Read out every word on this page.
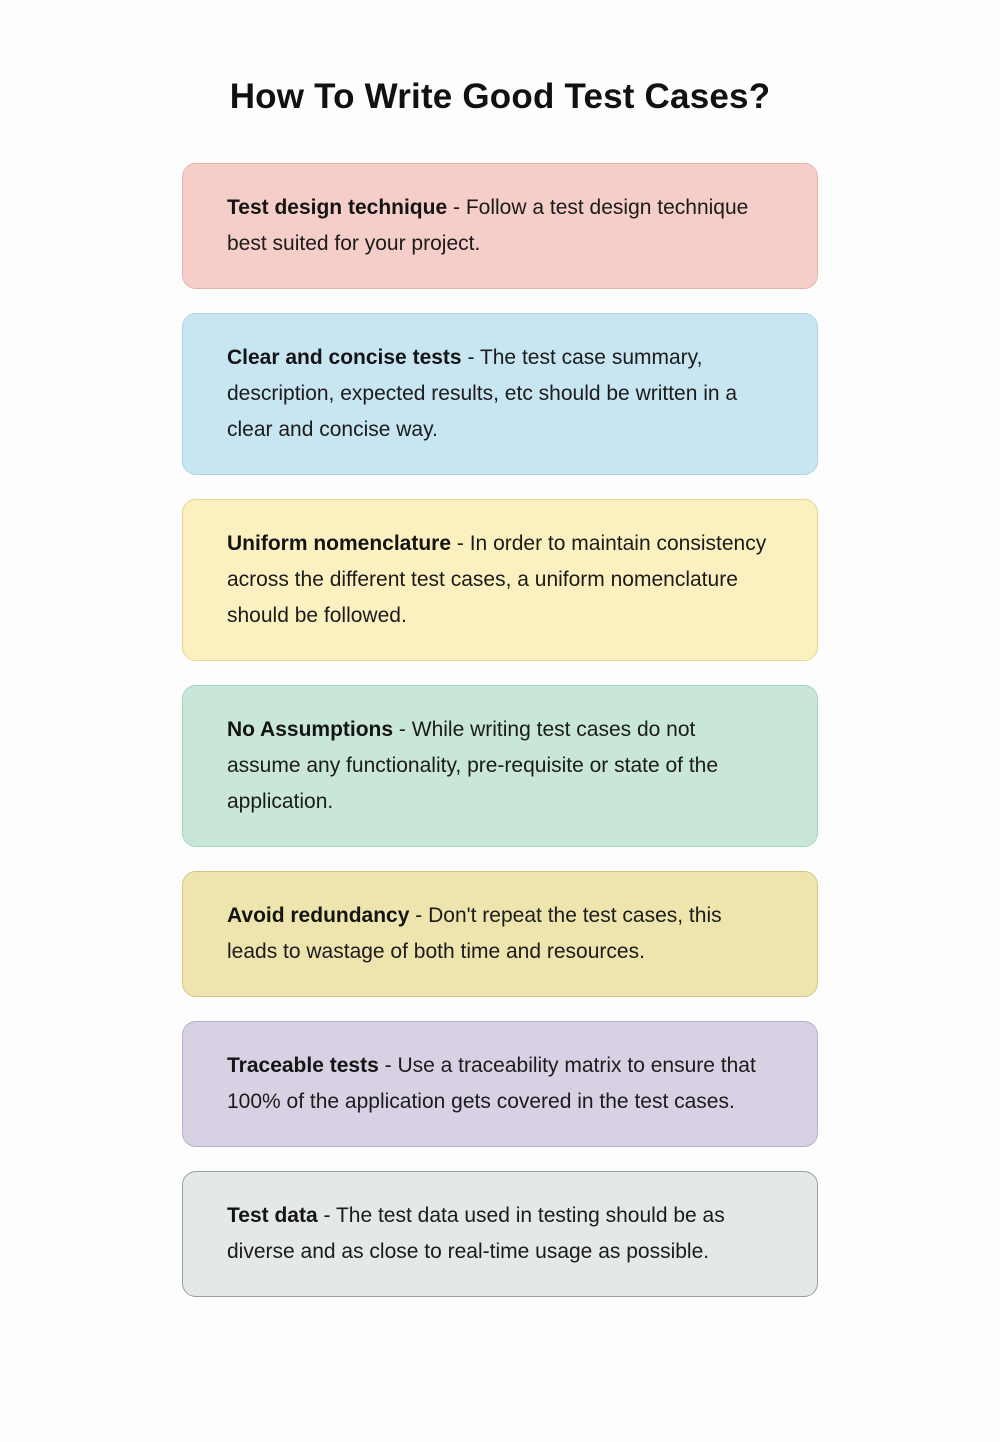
How To Write Good Test Cases?

Test design technique - Follow a test design technique best suited for your project.

Clear and concise tests - The test case summary, description, expected results, etc should be written in a clear and concise way.

Uniform nomenclature - In order to maintain consistency across the different test cases, a uniform nomenclature should be followed.

No Assumptions - While writing test cases do not assume any functionality, pre-requisite or state of the application.

Avoid redundancy - Don't repeat the test cases, this leads to wastage of both time and resources.

Traceable tests - Use a traceability matrix to ensure that 100% of the application gets covered in the test cases.

Test data - The test data used in testing should be as diverse and as close to real-time usage as possible.
